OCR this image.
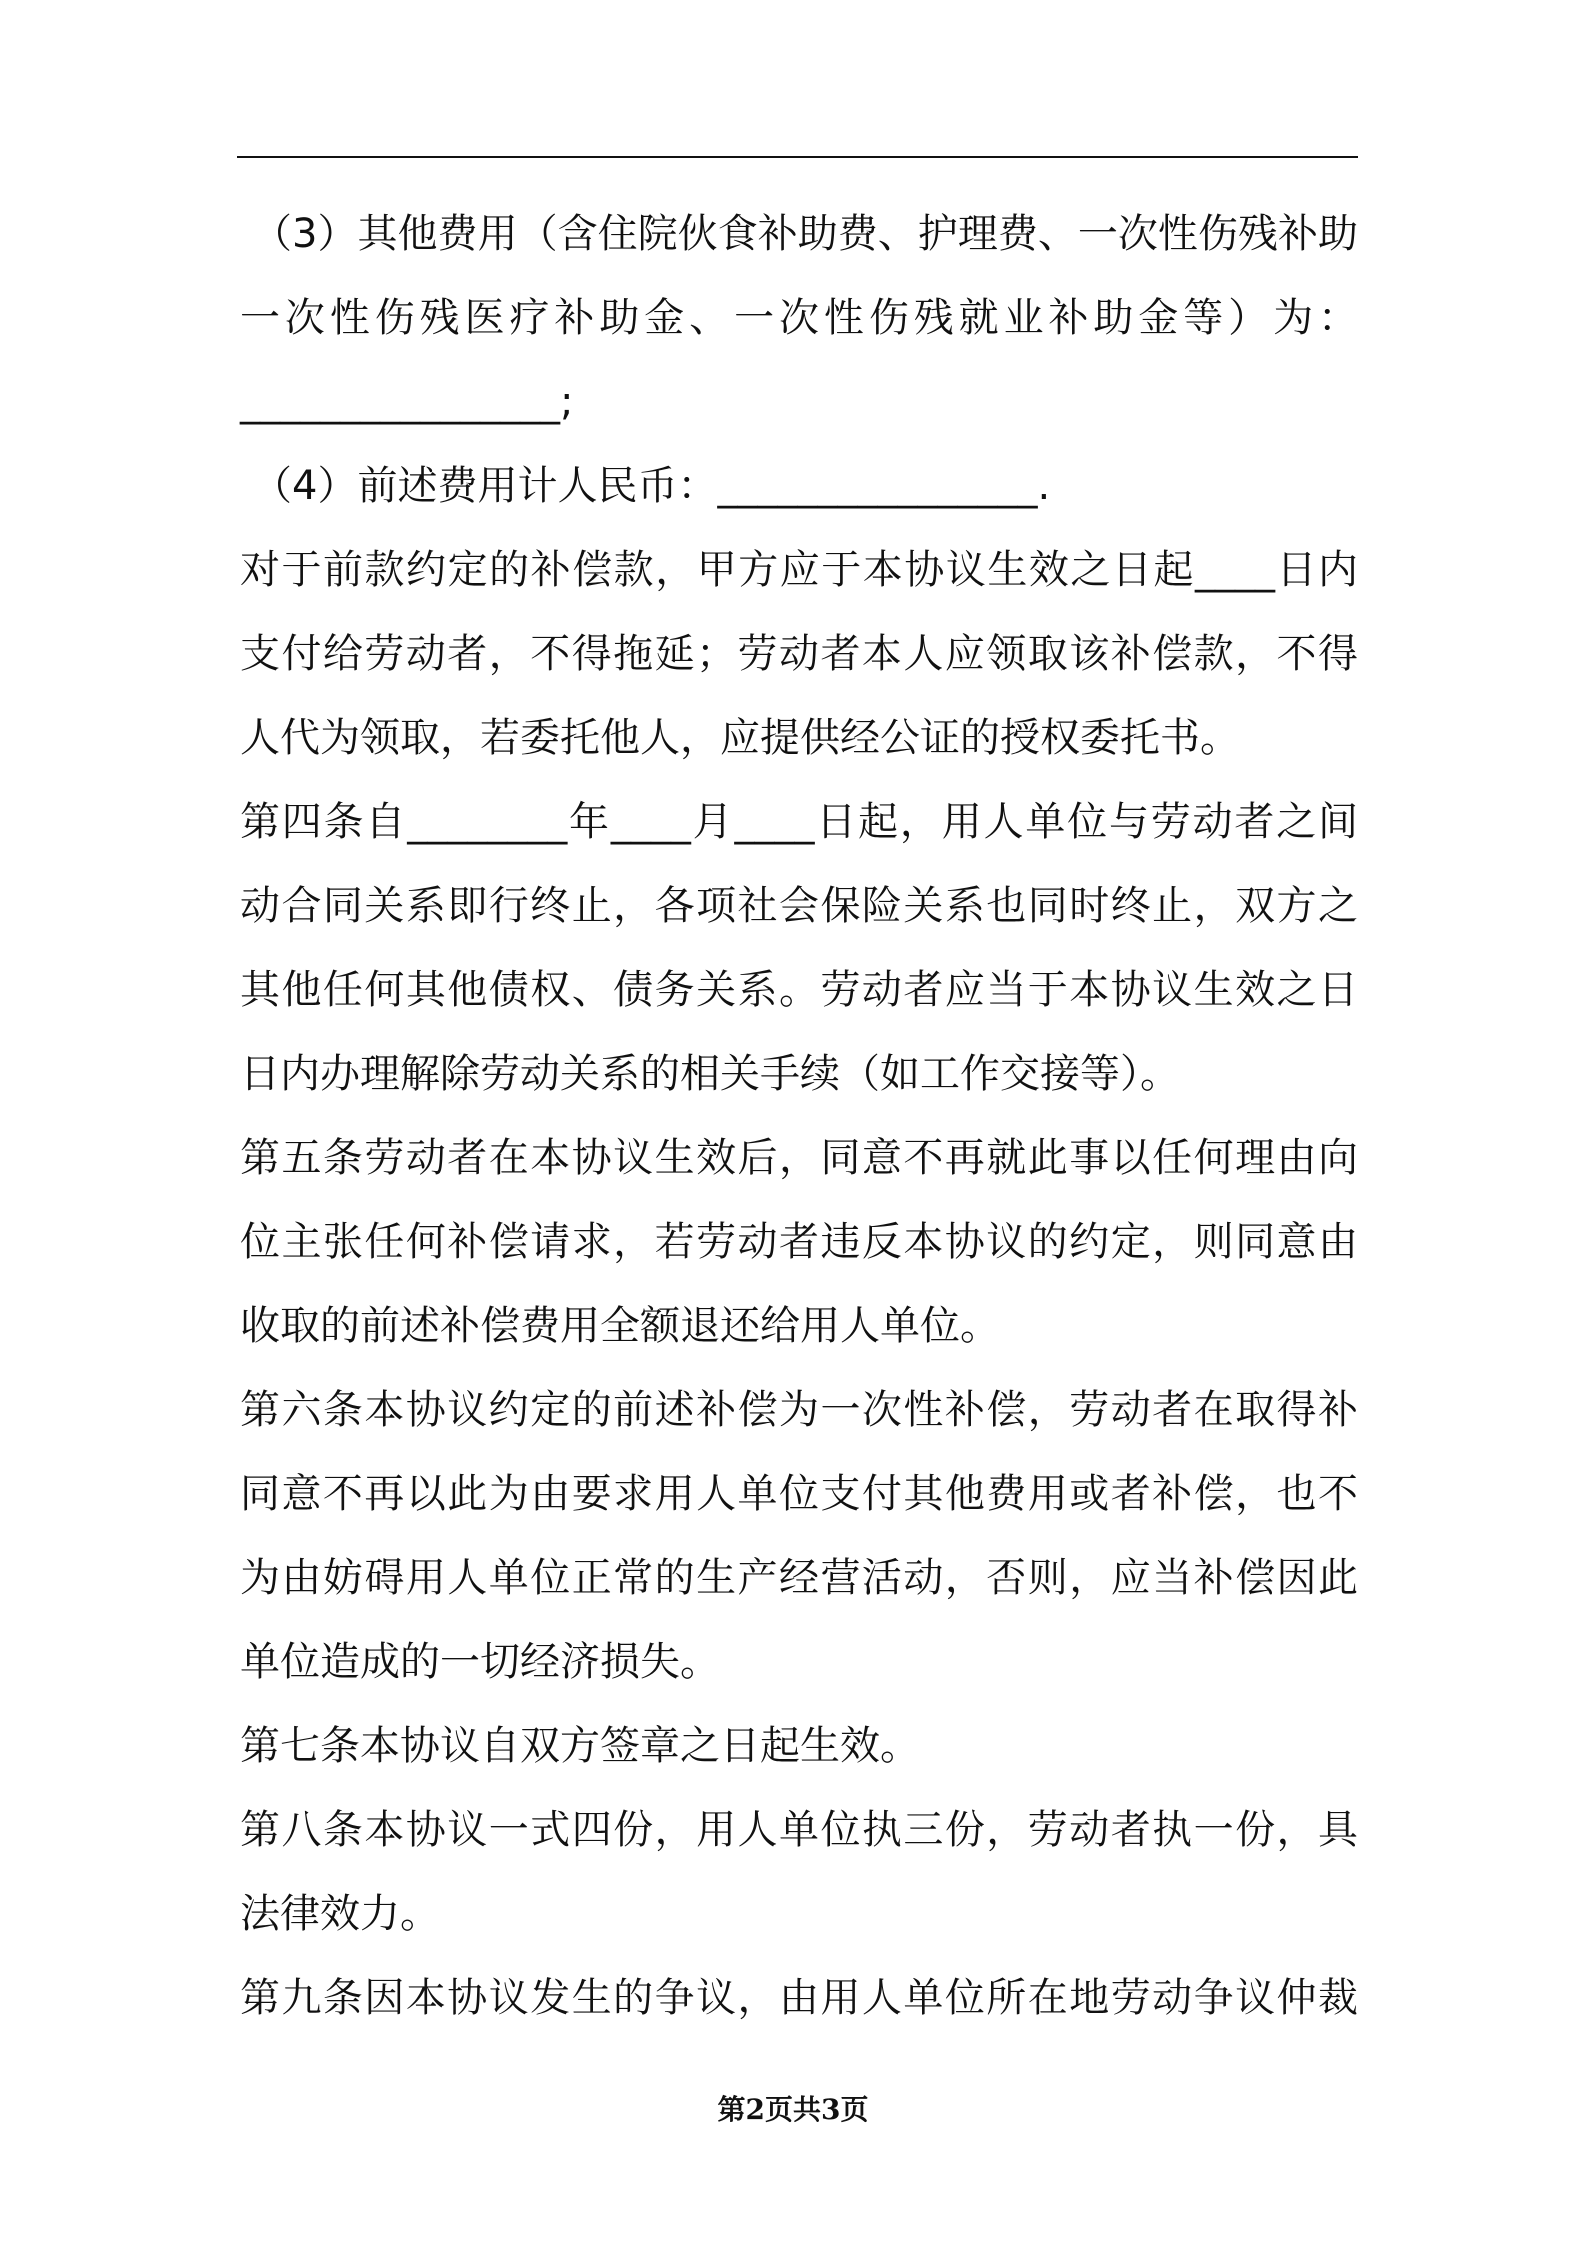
（3）其他费用（含住院伙食补助费、护理费、一次性伤残补助
一次性伤残医疗补助金、一次性伤残就业补助金等）为：
________________;
（4）前述费用计人民币：________________.
对于前款约定的补偿款，甲方应于本协议生效之日起____日内
支付给劳动者，不得拖延；劳动者本人应领取该补偿款，不得
人代为领取，若委托他人，应提供经公证的授权委托书。
第四条自________年____月____日起，用人单位与劳动者之间
动合同关系即行终止，各项社会保险关系也同时终止，双方之
其他任何其他债权、债务关系。劳动者应当于本协议生效之日
日内办理解除劳动关系的相关手续（如工作交接等）。
第五条劳动者在本协议生效后，同意不再就此事以任何理由向
位主张任何补偿请求，若劳动者违反本协议的约定，则同意由
收取的前述补偿费用全额退还给用人单位。
第六条本协议约定的前述补偿为一次性补偿，劳动者在取得补
同意不再以此为由要求用人单位支付其他费用或者补偿，也不
为由妨碍用人单位正常的生产经营活动，否则，应当补偿因此
单位造成的一切经济损失。
第七条本协议自双方签章之日起生效。
第八条本协议一式四份，用人单位执三份，劳动者执一份，具
法律效力。
第九条因本协议发生的争议，由用人单位所在地劳动争议仲裁
第2页共3页
